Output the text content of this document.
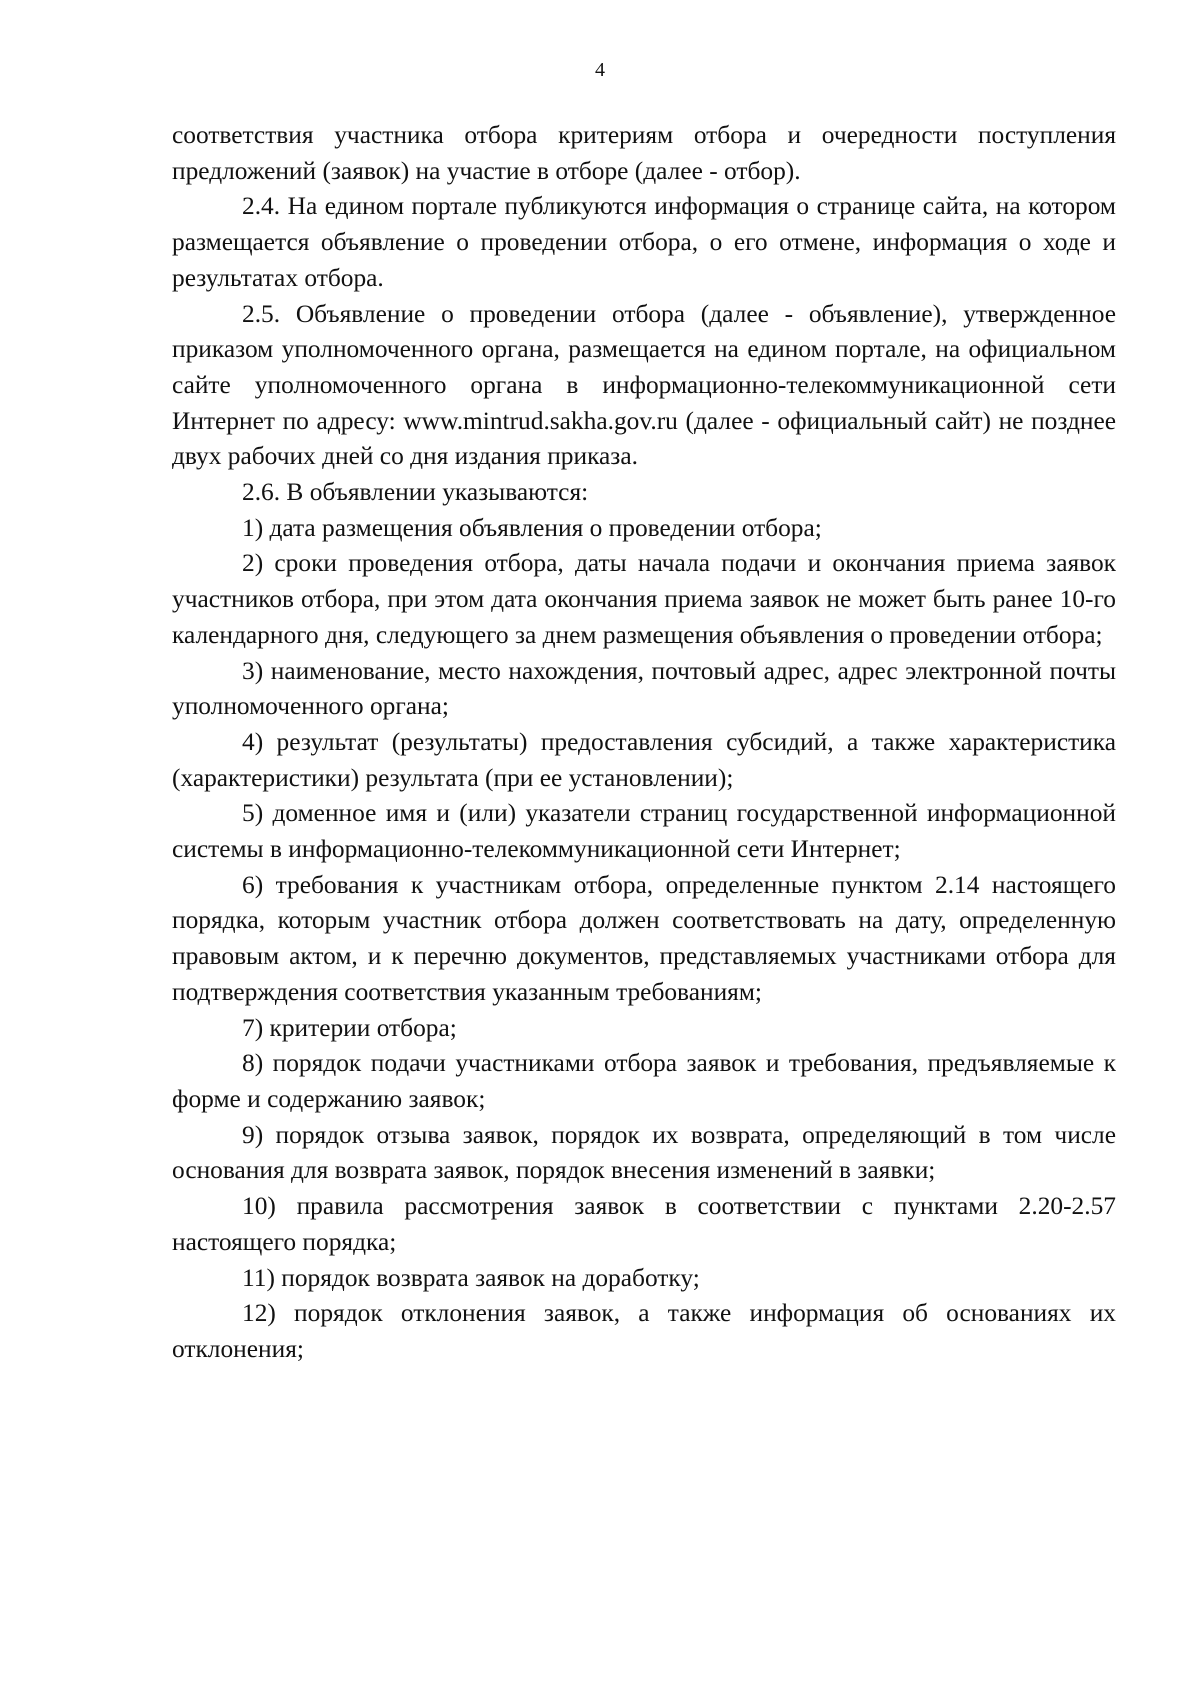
4

соответствия участника отбора критериям отбора и очередности поступления предложений (заявок) на участие в отборе (далее - отбор).

2.4. На едином портале публикуются информация о странице сайта, на котором размещается объявление о проведении отбора, о его отмене, информация о ходе и результатах отбора.

2.5. Объявление о проведении отбора (далее - объявление), утвержденное приказом уполномоченного органа, размещается на едином портале, на официальном сайте уполномоченного органа в информационно-телекоммуникационной сети Интернет по адресу: www.mintrud.sakha.gov.ru (далее - официальный сайт) не позднее двух рабочих дней со дня издания приказа.

2.6. В объявлении указываются:

1) дата размещения объявления о проведении отбора;

2) сроки проведения отбора, даты начала подачи и окончания приема заявок участников отбора, при этом дата окончания приема заявок не может быть ранее 10-го календарного дня, следующего за днем размещения объявления о проведении отбора;

3) наименование, место нахождения, почтовый адрес, адрес электронной почты уполномоченного органа;

4) результат (результаты) предоставления субсидий, а также характеристика (характеристики) результата (при ее установлении);

5) доменное имя и (или) указатели страниц государственной информационной системы в информационно-телекоммуникационной сети Интернет;

6) требования к участникам отбора, определенные пунктом 2.14 настоящего порядка, которым участник отбора должен соответствовать на дату, определенную правовым актом, и к перечню документов, представляемых участниками отбора для подтверждения соответствия указанным требованиям;

7) критерии отбора;

8) порядок подачи участниками отбора заявок и требования, предъявляемые к форме и содержанию заявок;

9) порядок отзыва заявок, порядок их возврата, определяющий в том числе основания для возврата заявок, порядок внесения изменений в заявки;

10) правила рассмотрения заявок в соответствии с пунктами 2.20-2.57 настоящего порядка;

11) порядок возврата заявок на доработку;

12) порядок отклонения заявок, а также информация об основаниях их отклонения;
